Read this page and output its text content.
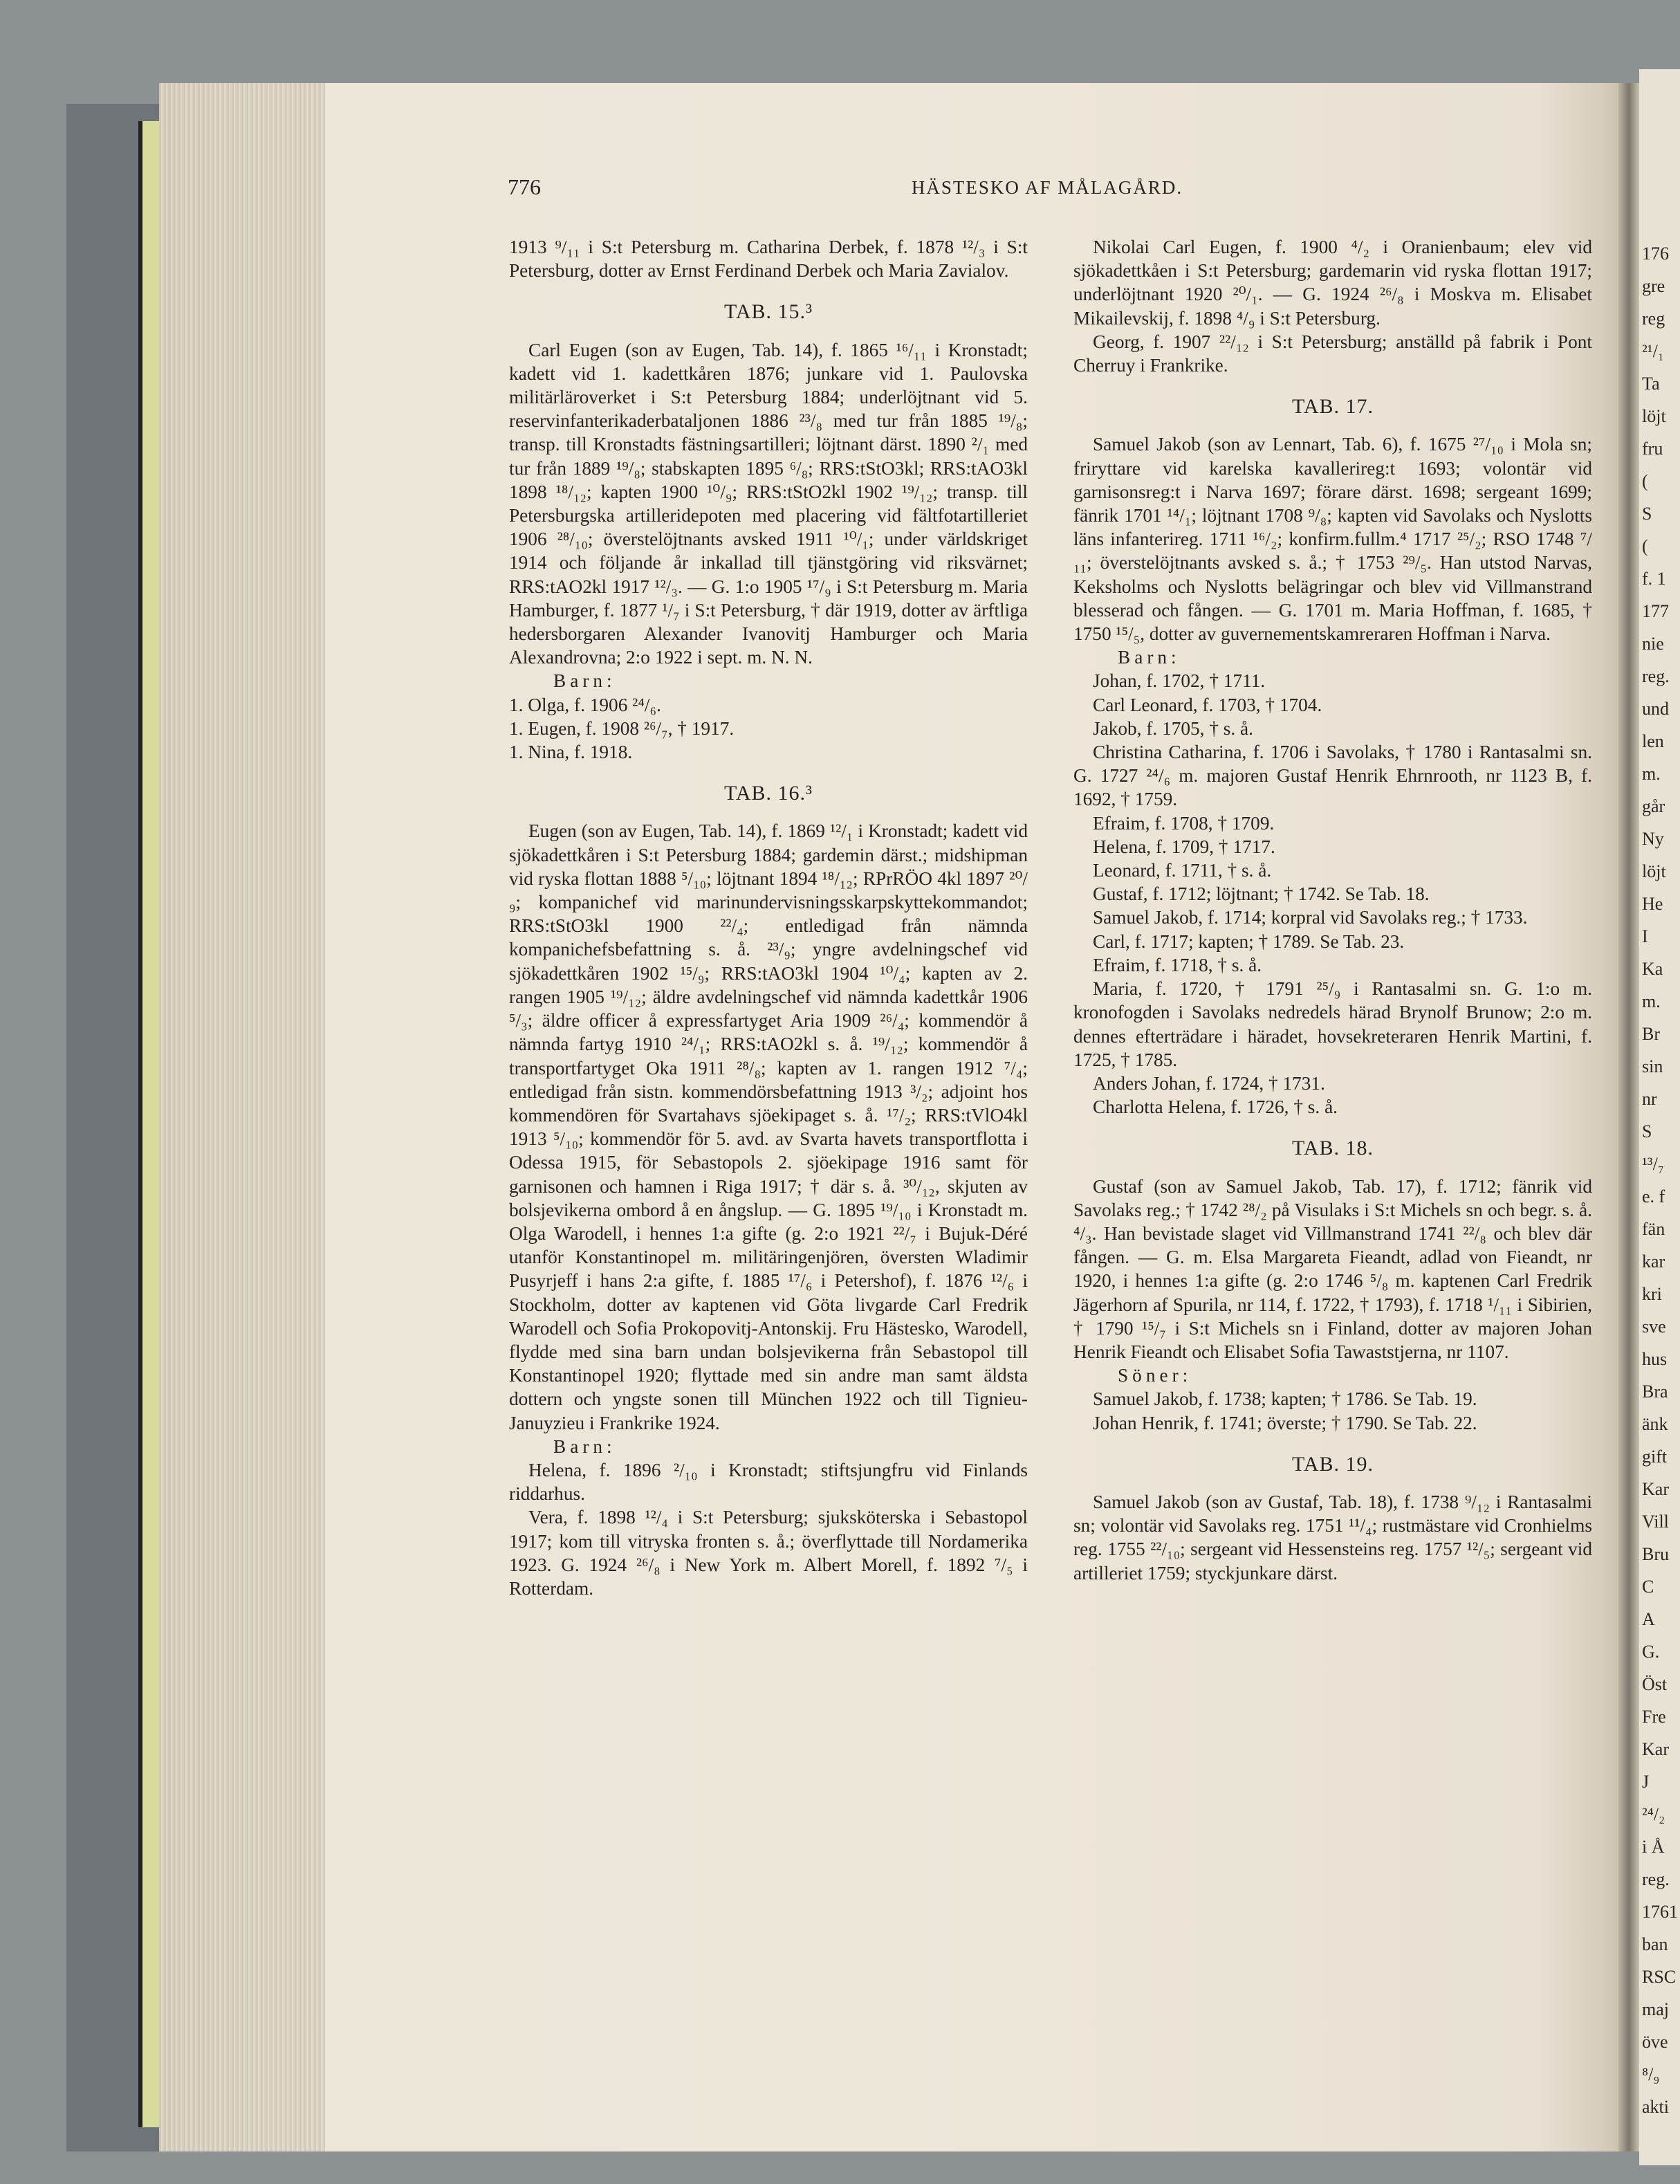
176
gre
reg
²¹/₁
Ta
löjt
fru
(
S
(
f. 1
177
nie
reg.
und
len
m.
går
Ny
löjt
He
I
Ka
m.
Br
sin
nr
S
¹³/₇
e. f
fän
kar
kri
sve
hus
Bra
änk
gift
Kar
Vill
Bru
C
A
G.
Öst
Fre
Kar
J
²⁴/₂
i Å
reg.
1761
ban
RSC
maj
öve
⁸/₉
akti
776	HÄSTESKO AF MÅLAGÅRD.

1913 ⁹/₁₁ i S:t Petersburg m. Catharina Derbek, f. 1878 ¹²/₃ i S:t Petersburg, dotter av Ernst Ferdinand Derbek och Maria Zavialov.

TAB. 15.³

Carl Eugen (son av Eugen, Tab. 14), f. 1865 ¹⁶/₁₁ i Kronstadt; kadett vid 1. kadettkåren 1876; junkare vid 1. Paulovska militärläroverket i S:t Petersburg 1884; underlöjtnant vid 5. reservinfanterikaderbataljonen 1886 ²³/₈ med tur från 1885 ¹⁹/₈; transp. till Kronstadts fästningsartilleri; löjtnant därst. 1890 ²/₁ med tur från 1889 ¹⁹/₈; stabskapten 1895 ⁶/₈; RRS:tStO3kl; RRS:tAO3kl 1898 ¹⁸/₁₂; kapten 1900 ¹⁰/₉; RRS:tStO2kl 1902 ¹⁹/₁₂; transp. till Petersburgska artilleridepoten med placering vid fältfotartilleriet 1906 ²⁸/₁₀; överstelöjtnants avsked 1911 ¹⁰/₁; under världskriget 1914 och följande år inkallad till tjänstgöring vid riksvärnet; RRS:tAO2kl 1917 ¹²/₃. — G. 1:o 1905 ¹⁷/₉ i S:t Petersburg m. Maria Hamburger, f. 1877 ¹/₇ i S:t Petersburg, † där 1919, dotter av ärftliga hedersborgaren Alexander Ivanovitj Hamburger och Maria Alexandrovna; 2:o 1922 i sept. m. N. N.

Barn:

1. Olga, f. 1906 ²⁴/₆.

1. Eugen, f. 1908 ²⁶/₇, † 1917.

1. Nina, f. 1918.

TAB. 16.³

Eugen (son av Eugen, Tab. 14), f. 1869 ¹²/₁ i Kronstadt; kadett vid sjökadettkåren i S:t Petersburg 1884; gardemin därst.; midshipman vid ryska flottan 1888 ⁵/₁₀; löjtnant 1894 ¹⁸/₁₂; RPrRÖO 4kl 1897 ²⁰/₉; kompanichef vid marinundervisningsskarpskyttekommandot; RRS:tStO3kl 1900 ²²/₄; entledigad från nämnda kompanichefsbefattning s. å. ²³/₉; yngre avdelningschef vid sjökadettkåren 1902 ¹⁵/₉; RRS:tAO3kl 1904 ¹⁰/₄; kapten av 2. rangen 1905 ¹⁹/₁₂; äldre avdelningschef vid nämnda kadettkår 1906 ⁵/₃; äldre officer å expressfartyget Aria 1909 ²⁶/₄; kommendör å nämnda fartyg 1910 ²⁴/₁; RRS:tAO2kl s. å. ¹⁹/₁₂; kommendör å transportfartyget Oka 1911 ²⁸/₈; kapten av 1. rangen 1912 ⁷/₄; entledigad från sistn. kommendörsbefattning 1913 ³/₂; adjoint hos kommendören för Svartahavs sjöekipaget s. å. ¹⁷/₂; RRS:tVlO4kl 1913 ⁵/₁₀; kommendör för 5. avd. av Svarta havets transportflotta i Odessa 1915, för Sebastopols 2. sjöekipage 1916 samt för garnisonen och hamnen i Riga 1917; † där s. å. ³⁰/₁₂, skjuten av bolsjevikerna ombord å en ångslup. — G. 1895 ¹⁹/₁₀ i Kronstadt m. Olga Warodell, i hennes 1:a gifte (g. 2:o 1921 ²²/₇ i Bujuk-Déré utanför Konstantinopel m. militäringenjören, översten Wladimir Pusyrjeff i hans 2:a gifte, f. 1885 ¹⁷/₆ i Petershof), f. 1876 ¹²/₆ i Stockholm, dotter av kaptenen vid Göta livgarde Carl Fredrik Warodell och Sofia Prokopovitj-Antonskij. Fru Hästesko, Warodell, flydde med sina barn undan bolsjevikerna från Sebastopol till Konstantinopel 1920; flyttade med sin andre man samt äldsta dottern och yngste sonen till München 1922 och till Tignieu-Januyzieu i Frankrike 1924.

Barn:

Helena, f. 1896 ²/₁₀ i Kronstadt; stiftsjungfru vid Finlands riddarhus.

Vera, f. 1898 ¹²/₄ i S:t Petersburg; sjuksköterska i Sebastopol 1917; kom till vitryska fronten s. å.; överflyttade till Nordamerika 1923. G. 1924 ²⁶/₈ i New York m. Albert Morell, f. 1892 ⁷/₅ i Rotterdam.

Nikolai Carl Eugen, f. 1900 ⁴/₂ i Oranienbaum; elev vid sjökadettkåen i S:t Petersburg; gardemarin vid ryska flottan 1917; underlöjtnant 1920 ²⁰/₁. — G. 1924 ²⁶/₈ i Moskva m. Elisabet Mikailevskij, f. 1898 ⁴/₉ i S:t Petersburg.

Georg, f. 1907 ²²/₁₂ i S:t Petersburg; anställd på fabrik i Pont Cherruy i Frankrike.

TAB. 17.

Samuel Jakob (son av Lennart, Tab. 6), f. 1675 ²⁷/₁₀ i Mola sn; friryttare vid karelska kavallerireg:t 1693; volontär vid garnisonsreg:t i Narva 1697; förare därst. 1698; sergeant 1699; fänrik 1701 ¹⁴/₁; löjtnant 1708 ⁹/₈; kapten vid Savolaks och Nyslotts läns infanterireg. 1711 ¹⁶/₂; konfirm.fullm.⁴ 1717 ²⁵/₂; RSO 1748 ⁷/₁₁; överstelöjtnants avsked s. å.; † 1753 ²⁹/₅. Han utstod Narvas, Keksholms och Nyslotts belägringar och blev vid Villmanstrand blesserad och fången. — G. 1701 m. Maria Hoffman, f. 1685, † 1750 ¹⁵/₅, dotter av guvernementskamreraren Hoffman i Narva.

Barn:

Johan, f. 1702, † 1711.

Carl Leonard, f. 1703, † 1704.

Jakob, f. 1705, † s. å.

Christina Catharina, f. 1706 i Savolaks, † 1780 i Rantasalmi sn. G. 1727 ²⁴/₆ m. majoren Gustaf Henrik Ehrnrooth, nr 1123 B, f. 1692, † 1759.

Efraim, f. 1708, † 1709.

Helena, f. 1709, † 1717.

Leonard, f. 1711, † s. å.

Gustaf, f. 1712; löjtnant; † 1742. Se Tab. 18.

Samuel Jakob, f. 1714; korpral vid Savolaks reg.; † 1733.

Carl, f. 1717; kapten; † 1789. Se Tab. 23.

Efraim, f. 1718, † s. å.

Maria, f. 1720, † 1791 ²⁵/₉ i Rantasalmi sn. G. 1:o m. kronofogden i Savolaks nedredels härad Brynolf Brunow; 2:o m. dennes efterträdare i häradet, hovsekreteraren Henrik Martini, f. 1725, † 1785.

Anders Johan, f. 1724, † 1731.

Charlotta Helena, f. 1726, † s. å.

TAB. 18.

Gustaf (son av Samuel Jakob, Tab. 17), f. 1712; fänrik vid Savolaks reg.; † 1742 ²⁸/₂ på Visulaks i S:t Michels sn och begr. s. å. ⁴/₃. Han bevistade slaget vid Villmanstrand 1741 ²²/₈ och blev där fången. — G. m. Elsa Margareta Fieandt, adlad von Fieandt, nr 1920, i hennes 1:a gifte (g. 2:o 1746 ⁵/₈ m. kaptenen Carl Fredrik Jägerhorn af Spurila, nr 114, f. 1722, † 1793), f. 1718 ¹/₁₁ i Sibirien, † 1790 ¹⁵/₇ i S:t Michels sn i Finland, dotter av majoren Johan Henrik Fieandt och Elisabet Sofia Tawaststjerna, nr 1107.

Söner:

Samuel Jakob, f. 1738; kapten; † 1786. Se Tab. 19.

Johan Henrik, f. 1741; överste; † 1790. Se Tab. 22.

TAB. 19.

Samuel Jakob (son av Gustaf, Tab. 18), f. 1738 ⁹/₁₂ i Rantasalmi sn; volontär vid Savolaks reg. 1751 ¹¹/₄; rustmästare vid Cronhielms reg. 1755 ²²/₁₀; sergeant vid Hessensteins reg. 1757 ¹²/₅; sergeant vid artilleriet 1759; styckjunkare därst.
